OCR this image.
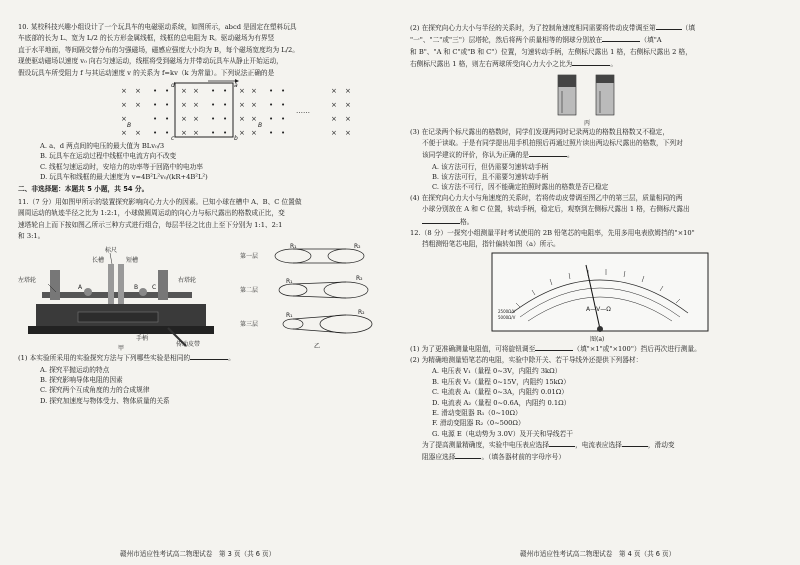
10. 某校科技兴趣小组设计了一个玩具车的电磁驱动系统，如图所示，abcd 是固定在塑料玩具

车底部的长为 L、宽为 L/2 的长方形金属线框，线框的总电阻为 R。驱动磁场为有界竖

直于水平地面，等间隔交替分布的匀强磁场，磁感应强度大小均为 B，每个磁场宽度均为 L/2。

现使驱动磁场以速度 v₀ 向右匀速运动，线框将受到磁场力并带动玩具车从静止开始运动，

假设玩具车所受阻力 f 与其运动速度 v 的关系为 f=kv（k 为常量）。下列说法正确的是

×
×
×
×
×
×
×
•
•
•
•
•
•
•
•
×
×
×
×
×
×
×
×
•
•
•
•
•
•
•
•
×
×
×
×
×
×
×
×
•
•
•
•
•
•
•
•
×
×
×
×
×
×
×
×
d	a
c	b
B	B
……

A. a、d 两点间的电压的最大值为 BLv₀/3

B. 玩具车在运动过程中线框中电流方向不改变

C. 线框匀速运动时，安培力的功率等于回路中的电功率

D. 玩具车和线框的最大速度为 v=4B²L²v₀/(kR+4B²L²)

二、非选择题：本题共 5 小题，共 54 分。

11.（7 分）用如图甲所示的装置探究影响向心力大小的因素。已知小球在槽中 A、B、C 位置做

圆周运动的轨迹半径之比为 1:2:1，小球做圆周运动的向心力与标尺露出的格数成正比，变

速塔轮自上而下按如图乙所示三种方式进行组合，每层半径之比由上至下分别为 1:1、2:1

和 3:1。

标尺
长槽	短槽
左塔轮	右塔轮
手柄
传动皮带
甲
A	B C
第一层
第二层
第三层
R₁	R₂
R₁	R₂
R₁	R₂
乙

(1) 本实验所采用的实验探究方法与下列哪些实验是相同的	。

A. 探究平抛运动的特点

B. 探究影响导体电阻的因素

C. 探究两个互成角度的力的合成规律

D. 探究加速度与物体受力、物体质量的关系

赣州市适应性考试高二物理试卷　第 3 页（共 6 页）

(2) 在探究向心力大小与半径的关系时，为了控制角速度相同需要将传动皮带调至第	（填

"一"、"二"或"三"）层塔轮，然后将两个质量相等的钢球分别放在	（填"A

和 B"、"A 和 C"或"B 和 C"）位置，匀速转动手柄，左侧标尺露出 1 格，右侧标尺露出 2 格，

右侧标尺露出 1 格，则左右两球所受向心力大小之比为	。

丙

(3) 在记录两个标尺露出的格数时，同学们发现两同时记录两边的格数且格数又不稳定，

不便于读取。于是有同学提出用手机拍照后再通过照片读出两边标尺露出的格数，下列对

该同学建议的评价，你认为正确的是	。

A. 该方法可行，但仍需要匀速转动手柄

B. 该方法可行，且不需要匀速转动手柄

C. 该方法不可行，因不能确定拍照时露出的格数是否已稳定

(4) 在探究向心力大小与角速度的关系时，若将传动皮带调至图乙中的第三层，质量相同的两

小球分别放在 A 和 C 位置，转动手柄，稳定后，观察到左侧标尺露出 1 格，右侧标尺露出

格。

12.（8 分）一探究小组测量平时考试使用的 2B 铅笔芯的电阻率，先用多用电表欧姆挡的"×10"

挡粗测铅笔芯电阻，指针偏转如图（a）所示。

A—V—Ω
2500Ω/V
5000Ω/V
图(a)

(1) 为了更准确测量电阻值，可将旋钮调至	（填"×1"或"×100"）挡后再次进行测量。

(2) 为精确地测量铅笔芯的电阻，实验中除开关、若干导线外还提供下列器材：

A. 电压表 V₁（量程 0~3V，内阻约 3kΩ）

B. 电压表 V₂（量程 0~15V，内阻约 15kΩ）

C. 电流表 A₁（量程 0~3A，内阻约 0.01Ω）

D. 电流表 A₂（量程 0~0.6A，内阻约 0.1Ω）

E. 滑动变阻器 R₁（0~10Ω）

F. 滑动变阻器 R₂（0~500Ω）

G. 电源 E（电动势为 3.0V）及开关和导线若干

为了提高测量精确度，实验中电压表应选择	，电流表应选择	，滑动变

阻器应选择	。（填各器材前的字母序号）

赣州市适应性考试高二物理试卷　第 4 页（共 6 页）
